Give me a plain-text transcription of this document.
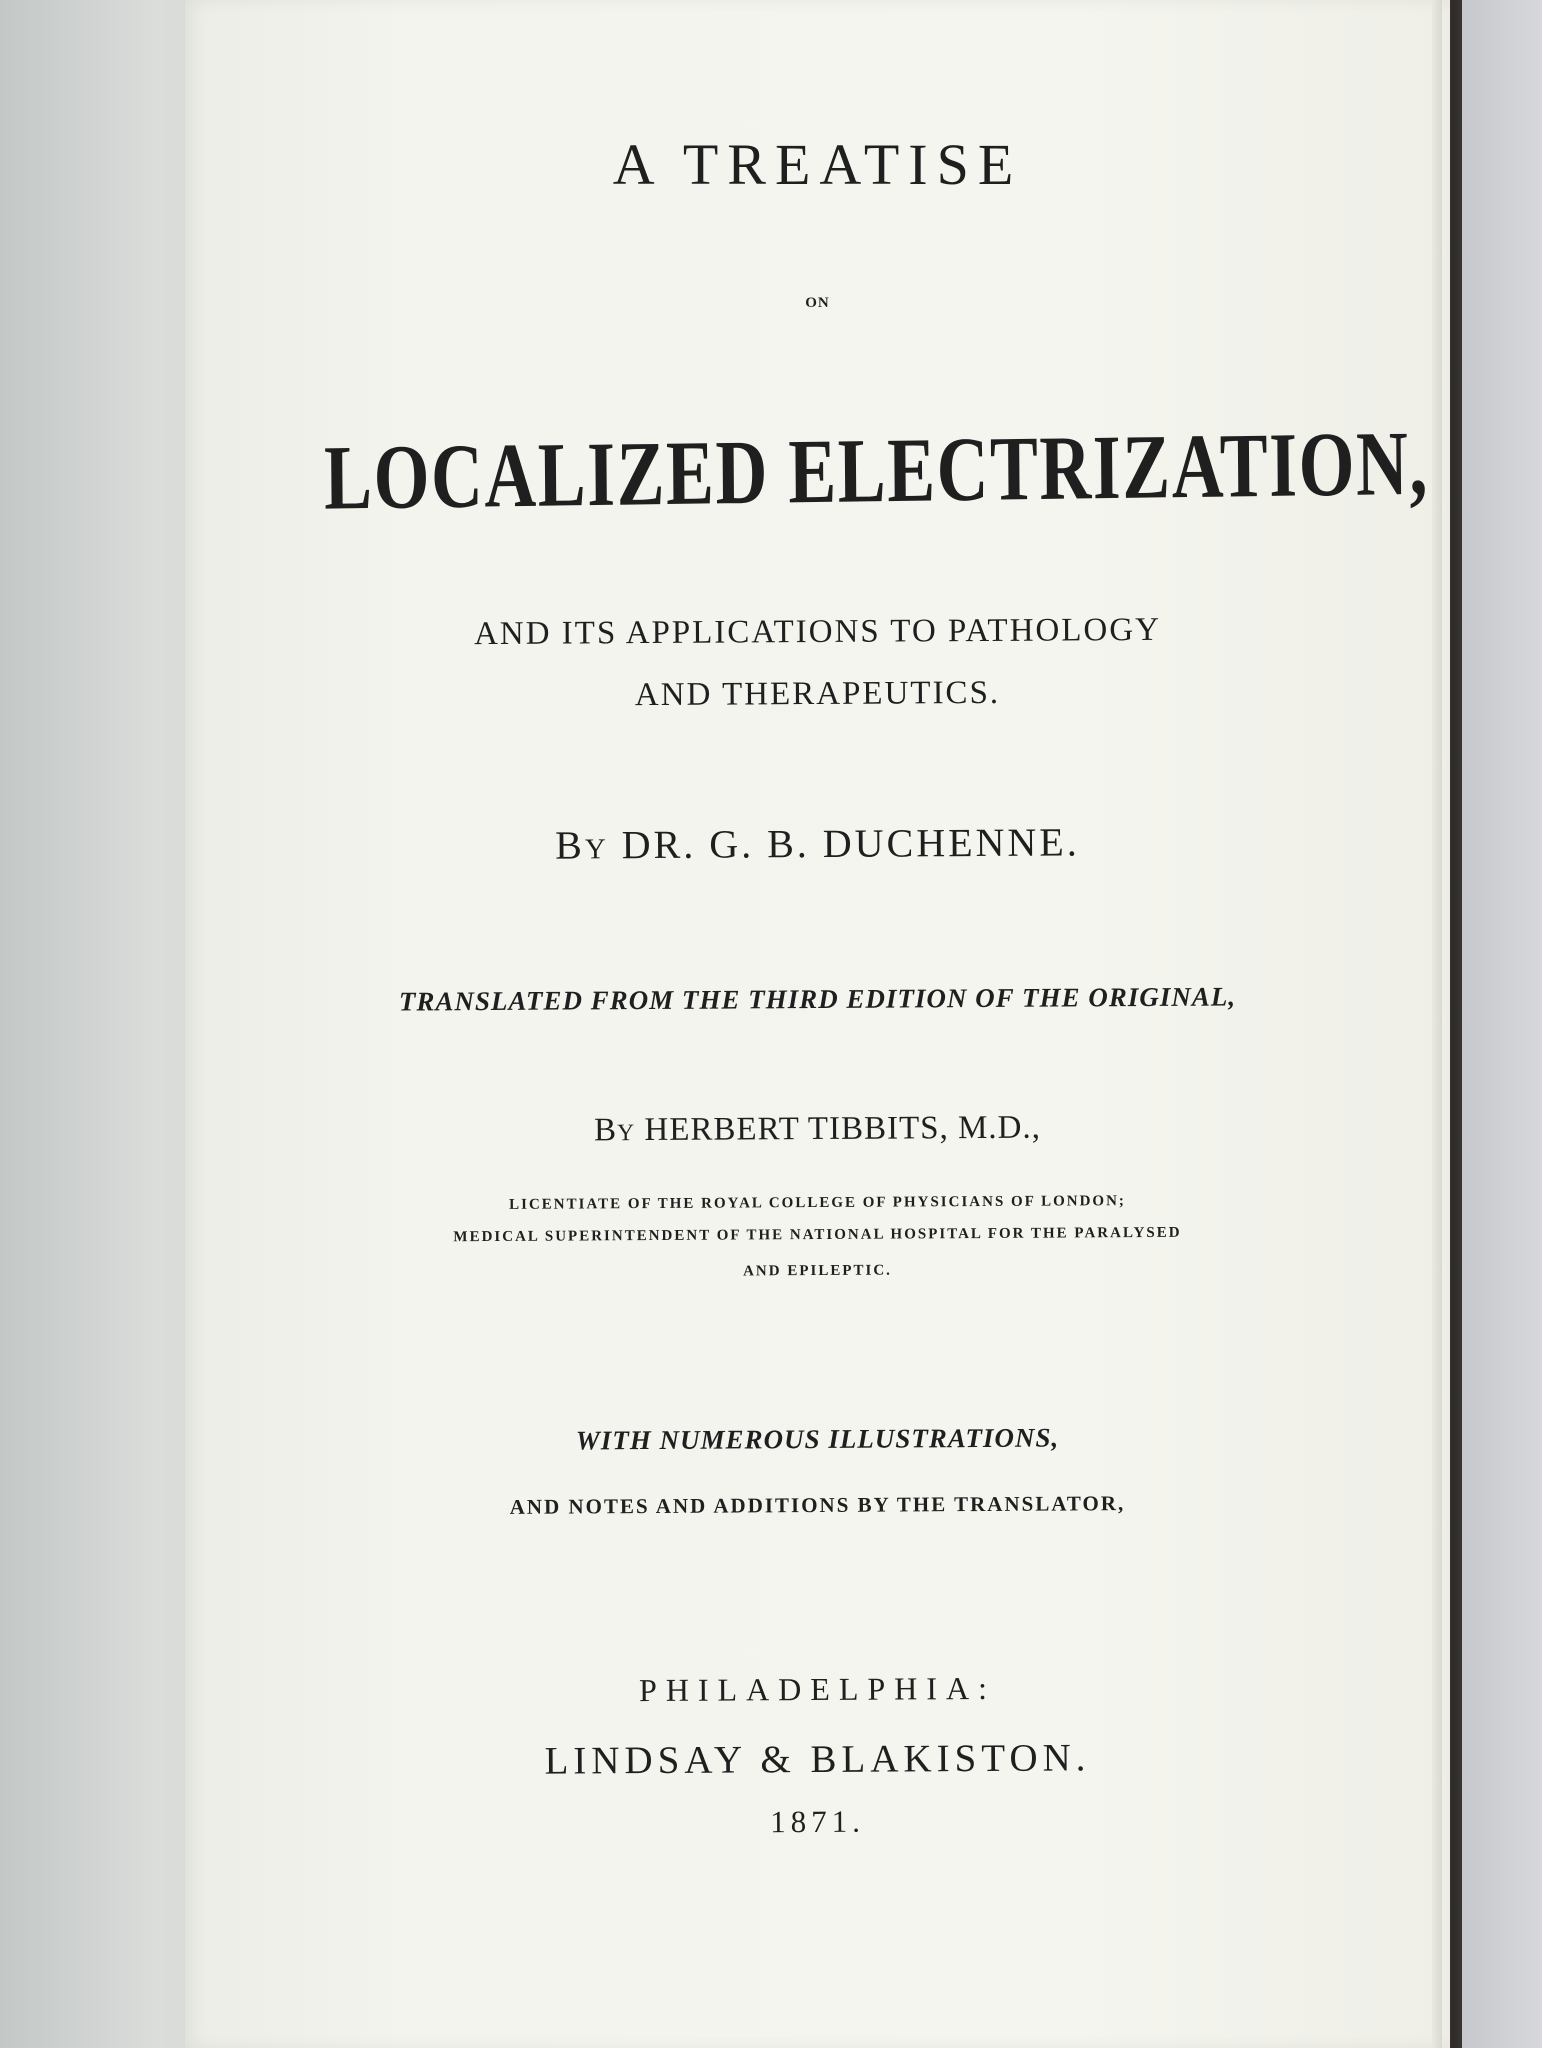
A TREATISE

ON

LOCALIZED ELECTRIZATION,

AND ITS APPLICATIONS TO PATHOLOGY

AND THERAPEUTICS.

BY DR. G. B. DUCHENNE.

TRANSLATED FROM THE THIRD EDITION OF THE ORIGINAL,

BY HERBERT TIBBITS, M.D.,

LICENTIATE OF THE ROYAL COLLEGE OF PHYSICIANS OF LONDON;

MEDICAL SUPERINTENDENT OF THE NATIONAL HOSPITAL FOR THE PARALYSED

AND EPILEPTIC.

WITH NUMEROUS ILLUSTRATIONS,

AND NOTES AND ADDITIONS BY THE TRANSLATOR,

PHILADELPHIA:

LINDSAY & BLAKISTON.

1871.
